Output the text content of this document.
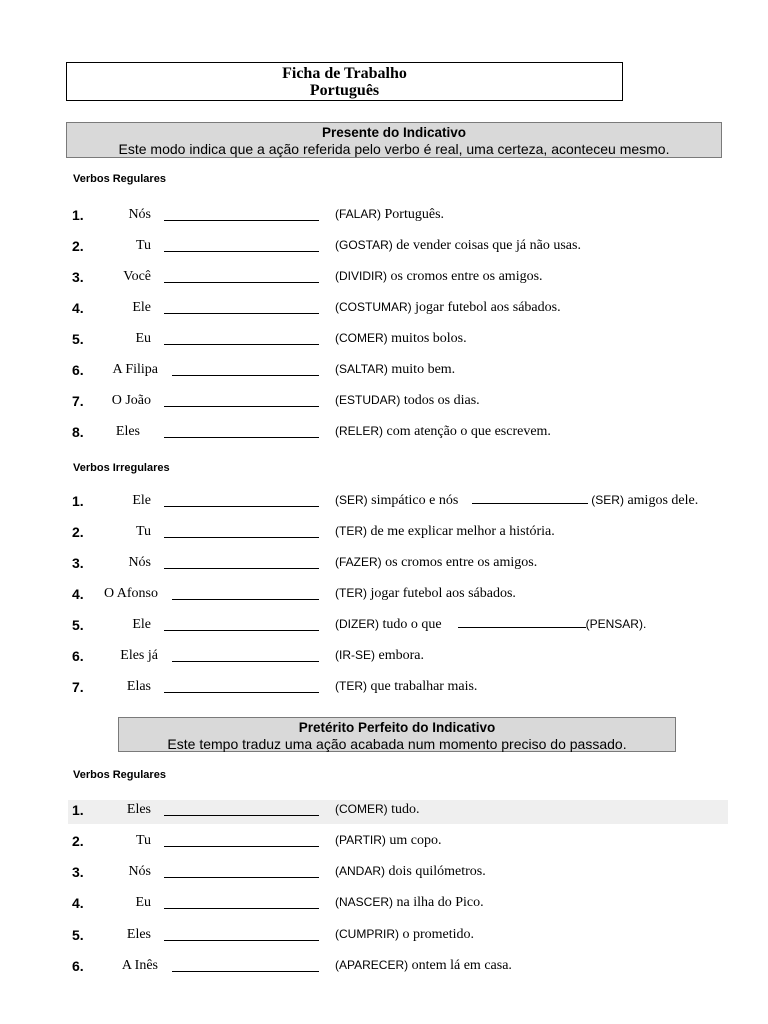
Ficha de Trabalho
Português
Presente do Indicativo
Este modo indica que a ação referida pelo verbo é real, uma certeza, aconteceu mesmo.
Verbos Regulares
1.	Nós	(FALAR) Português.
2.	Tu	(GOSTAR) de vender coisas que já não usas.
3.	Você	(DIVIDIR) os cromos entre os amigos.
4.	Ele	(COSTUMAR) jogar futebol aos sábados.
5.	Eu	(COMER) muitos bolos.
6.	A Filipa	(SALTAR) muito bem.
7.	O João	(ESTUDAR) todos os dias.
8.	Eles	(RELER) com atenção o que escrevem.
Verbos Irregulares
1.	Ele	(SER) simpático e nós	(SER) amigos dele.
2.	Tu	(TER) de me explicar melhor a história.
3.	Nós	(FAZER) os cromos entre os amigos.
4.	O Afonso	(TER) jogar futebol aos sábados.
5.	Ele	(DIZER) tudo o que	(PENSAR).
6.	Eles já	(IR-SE) embora.
7.	Elas	(TER) que trabalhar mais.
Pretérito Perfeito do Indicativo
Este tempo traduz uma ação acabada num momento preciso do passado.
Verbos Regulares
1.	Eles	(COMER) tudo.
2.	Tu	(PARTIR) um copo.
3.	Nós	(ANDAR) dois quilómetros.
4.	Eu	(NASCER) na ilha do Pico.
5.	Eles	(CUMPRIR) o prometido.
6.	A Inês	(APARECER) ontem lá em casa.
